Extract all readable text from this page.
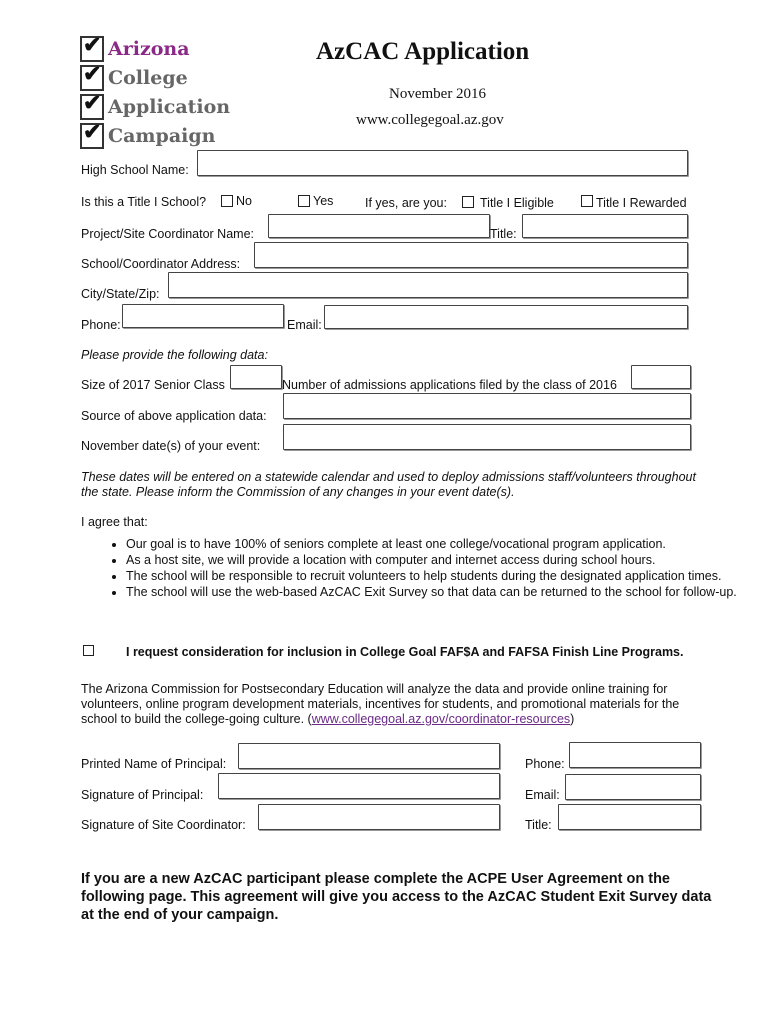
✔
Arizona
✔
College
✔
Application
✔
Campaign
AzCAC Application
November 2016
www.collegegoal.az.gov
High School Name:
Is this a Title I School? No	Yes	If yes, are you:	Title I Eligible	Title I Rewarded
Project/Site Coordinator Name:	Title:
School/Coordinator Address:
City/State/Zip:
Phone:	Email:
Please provide the following data:
Size of 2017 Senior Class	Number of admissions applications filed by the class of 2016
Source of above application data:
November date(s) of your event:
These dates will be entered on a statewide calendar and used to deploy admissions staff/volunteers throughout the state. Please inform the Commission of any changes in your event date(s).
I agree that:
• Our goal is to have 100% of seniors complete at least one college/vocational program application.
• As a host site, we will provide a location with computer and internet access during school hours.
• The school will be responsible to recruit volunteers to help students during the designated application times.
• The school will use the web-based AzCAC Exit Survey so that data can be returned to the school for follow-up.
I request consideration for inclusion in College Goal FAF$A and FAFSA Finish Line Programs.
The Arizona Commission for Postsecondary Education will analyze the data and provide online training for volunteers, online program development materials, incentives for students, and promotional materials for the school to build the college-going culture. (www.collegegoal.az.gov/coordinator-resources)
Printed Name of Principal:	Phone:
Signature of Principal:	Email:
Signature of Site Coordinator:	Title:
If you are a new AzCAC participant please complete the ACPE User Agreement on the following page. This agreement will give you access to the AzCAC Student Exit Survey data at the end of your campaign.
